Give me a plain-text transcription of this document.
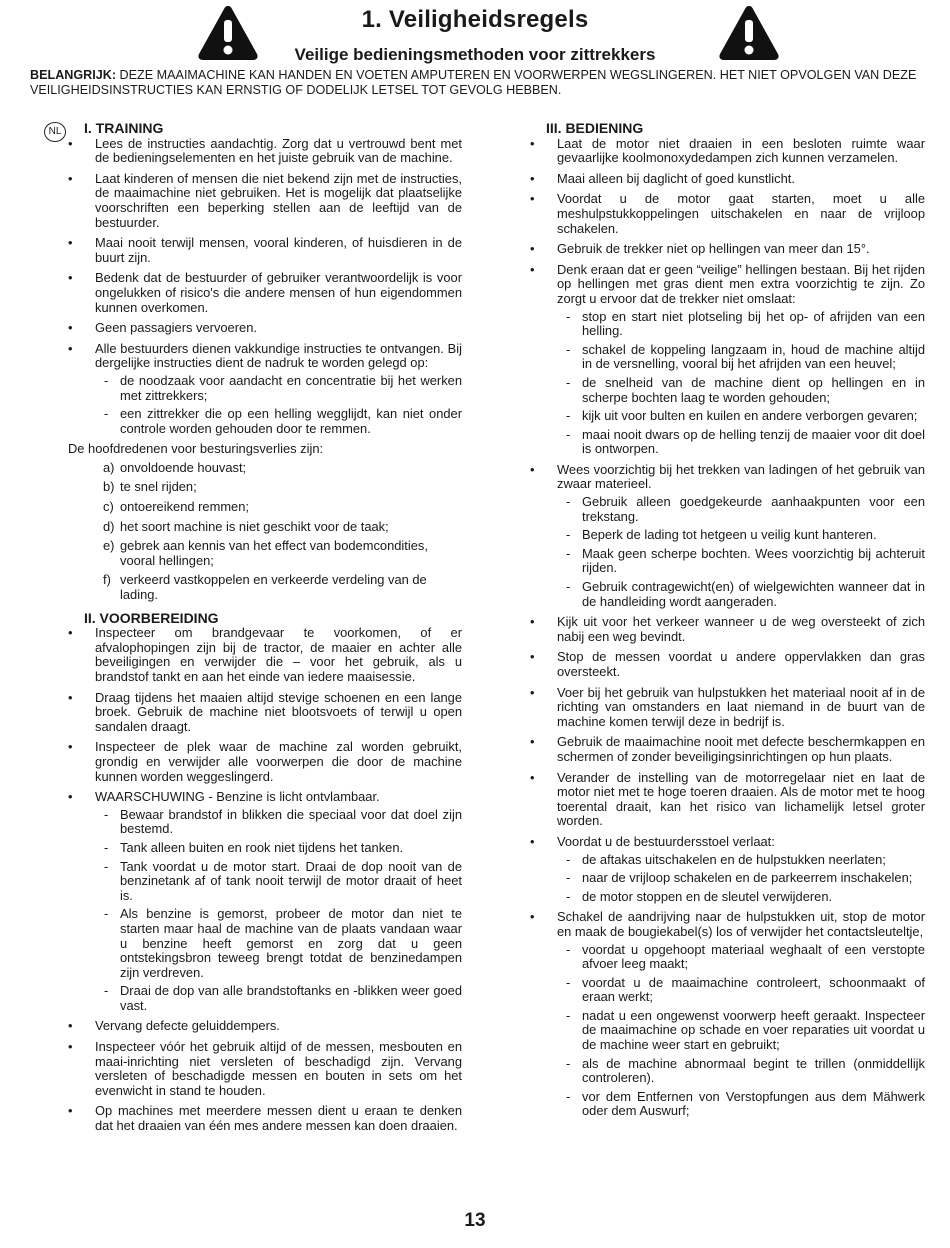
1. Veiligheidsregels
Veilige bedieningsmethoden voor zittrekkers
BELANGRIJK: DEZE MAAIMACHINE KAN HANDEN EN VOETEN AMPUTEREN EN VOORWERPEN WEGSLINGEREN. HET NIET OPVOLGEN VAN DEZE VEILIGHEIDSINSTRUCTIES KAN ERNSTIG OF DODELIJK LETSEL TOT GEVOLG HEBBEN.
NL	I. TRAINING
• Lees de instructies aandachtig. Zorg dat u vertrouwd bent met de bedieningselementen en het juiste gebruik van de machine.
• Laat kinderen of mensen die niet bekend zijn met de instructies, de maaimachine niet gebruiken. Het is mogelijk dat plaatselijke voorschriften een beperking stellen aan de leeftijd van de bestuurder.
• Maai nooit terwijl mensen, vooral kinderen, of huisdieren in de buurt zijn.
• Bedenk dat de bestuurder of gebruiker verantwoordelijk is voor ongelukken of risico's die andere mensen of hun eigendommen kunnen overkomen.
• Geen passagiers vervoeren.
• Alle bestuurders dienen vakkundige instructies te ontvangen. Bij dergelijke instructies dient de nadruk te worden gelegd op:
- de noodzaak voor aandacht en concentratie bij het werken met zittrekkers;
- een zittrekker die op een helling wegglijdt, kan niet onder controle worden gehouden door te remmen.
De hoofdredenen voor besturingsverlies zijn:
a) onvoldoende houvast;
b) te snel rijden;
c) ontoereikend remmen;
d) het soort machine is niet geschikt voor de taak;
e) gebrek aan kennis van het effect van bodemcondities, vooral hellingen;
f) verkeerd vastkoppelen en verkeerde verdeling van de lading.
II. VOORBEREIDING
• Inspecteer om brandgevaar te voorkomen, of er afvalophopingen zijn bij de tractor, de maaier en achter alle beveiligingen en verwijder die – voor het gebruik, als u brandstof tankt en aan het einde van iedere maaisessie.
• Draag tijdens het maaien altijd stevige schoenen en een lange broek. Gebruik de machine niet blootsvoets of terwijl u open sandalen draagt.
• Inspecteer de plek waar de machine zal worden gebruikt, grondig en verwijder alle voorwerpen die door de machine kunnen worden weggeslingerd.
• WAARSCHUWING - Benzine is licht ontvlambaar.
- Bewaar brandstof in blikken die speciaal voor dat doel zijn bestemd.
- Tank alleen buiten en rook niet tijdens het tanken.
- Tank voordat u de motor start. Draai de dop nooit van de benzinetank af of tank nooit terwijl de motor draait of heet is.
- Als benzine is gemorst, probeer de motor dan niet te starten maar haal de machine van de plaats vandaan waar u benzine heeft gemorst en zorg dat u geen ontstekingsbron teweeg brengt totdat de benzinedampen zijn verdreven.
- Draai de dop van alle brandstoftanks en -blikken weer goed vast.
• Vervang defecte geluiddempers.
• Inspecteer vóór het gebruik altijd of de messen, mesbouten en maai-inrichting niet versleten of beschadigd zijn. Vervang versleten of beschadigde messen en bouten in sets om het evenwicht in stand te houden.
• Op machines met meerdere messen dient u eraan te denken dat het draaien van één mes andere messen kan doen draaien.
III. BEDIENING
• Laat de motor niet draaien in een besloten ruimte waar gevaarlijke koolmonoxydedampen zich kunnen verzamelen.
• Maai alleen bij daglicht of goed kunstlicht.
• Voordat u de motor gaat starten, moet u alle meshulpstukkoppelingen uitschakelen en naar de vrijloop schakelen.
• Gebruik de trekker niet op hellingen van meer dan 15°.
• Denk eraan dat er geen “veilige” hellingen bestaan. Bij het rijden op hellingen met gras dient men extra voorzichtig te zijn. Zo zorgt u ervoor dat de trekker niet omslaat:
- stop en start niet plotseling bij het op- of afrijden van een helling.
- schakel de koppeling langzaam in, houd de machine altijd in de versnelling, vooral bij het afrijden van een heuvel;
- de snelheid van de machine dient op hellingen en in scherpe bochten laag te worden gehouden;
- kijk uit voor bulten en kuilen en andere verborgen gevaren;
- maai nooit dwars op de helling tenzij de maaier voor dit doel is ontworpen.
• Wees voorzichtig bij het trekken van ladingen of het gebruik van zwaar materieel.
- Gebruik alleen goedgekeurde aanhaakpunten voor een trekstang.
- Beperk de lading tot hetgeen u veilig kunt hanteren.
- Maak geen scherpe bochten. Wees voorzichtig bij achteruit rijden.
- Gebruik contragewicht(en) of wielgewichten wanneer dat in de handleiding wordt aangeraden.
• Kijk uit voor het verkeer wanneer u de weg oversteekt of zich nabij een weg bevindt.
• Stop de messen voordat u andere oppervlakken dan gras oversteekt.
• Voer bij het gebruik van hulpstukken het materiaal nooit af in de richting van omstanders en laat niemand in de buurt van de machine komen terwijl deze in bedrijf is.
• Gebruik de maaimachine nooit met defecte beschermkappen en schermen of zonder beveiligingsinrichtingen op hun plaats.
• Verander de instelling van de motorregelaar niet en laat de motor niet met te hoge toeren draaien. Als de motor met te hoog toerental draait, kan het risico van lichamelijk letsel groter worden.
• Voordat u de bestuurdersstoel verlaat:
- de aftakas uitschakelen en de hulpstukken neerlaten;
- naar de vrijloop schakelen en de parkeerrem inschakelen;
- de motor stoppen en de sleutel verwijderen.
• Schakel de aandrijving naar de hulpstukken uit, stop de motor en maak de bougiekabel(s) los of verwijder het contactsleuteltje,
- voordat u opgehoopt materiaal weghaalt of een verstopte afvoer leeg maakt;
- voordat u de maaimachine controleert, schoonmaakt of eraan werkt;
- nadat u een ongewenst voorwerp heeft geraakt. Inspecteer de maaimachine op schade en voer reparaties uit voordat u de machine weer start en gebruikt;
- als de machine abnormaal begint te trillen (onmiddellijk controleren).
- vor dem Entfernen von Verstopfungen aus dem Mähwerk oder dem Auswurf;
13
